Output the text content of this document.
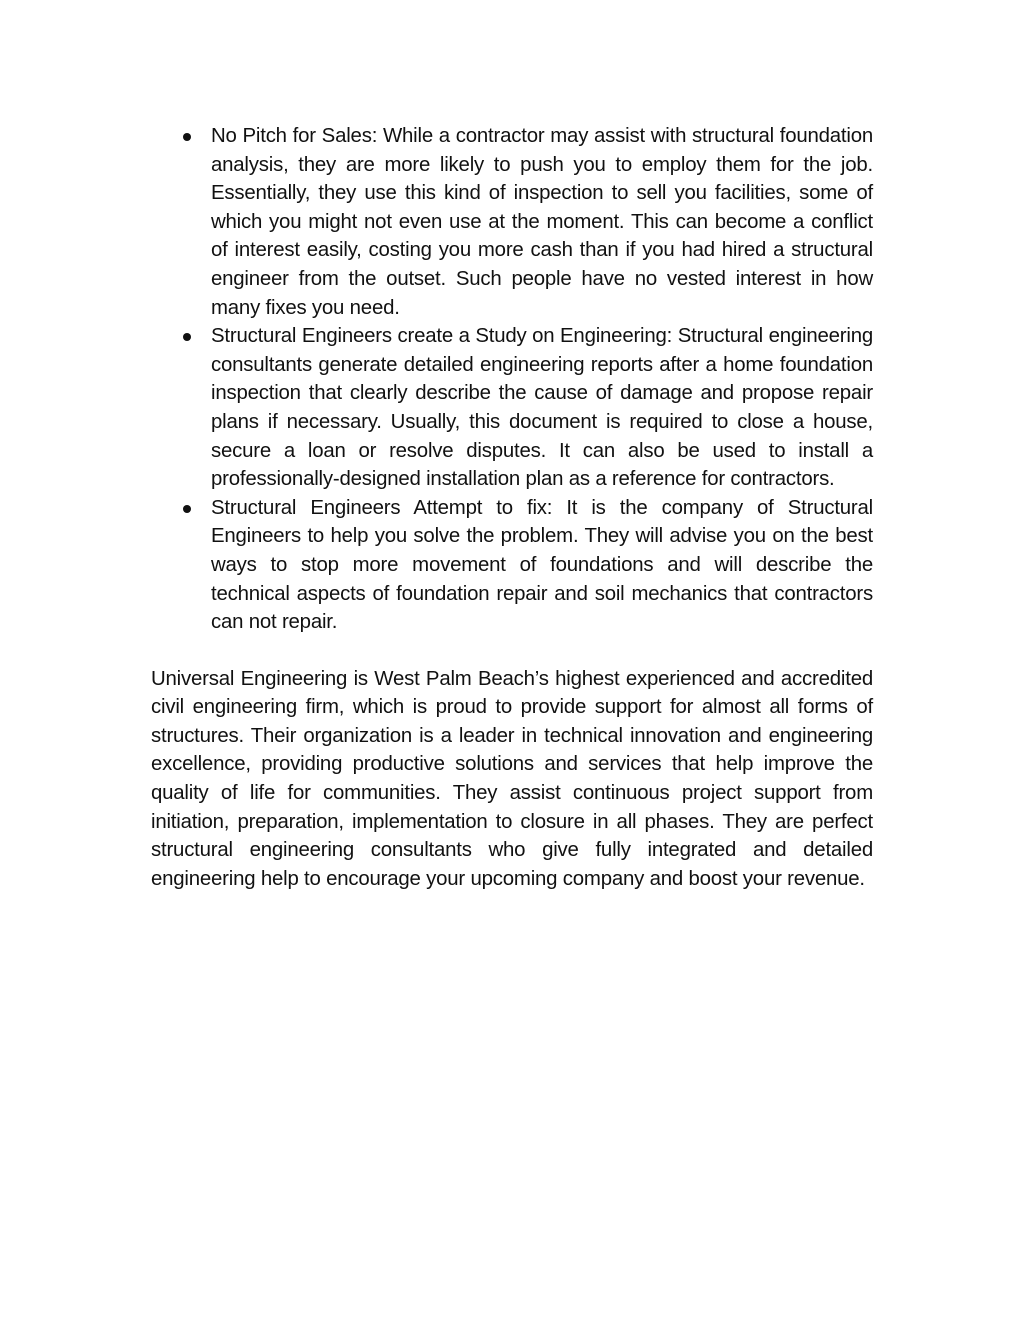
No Pitch for Sales: While a contractor may assist with structural foundation analysis, they are more likely to push you to employ them for the job. Essentially, they use this kind of inspection to sell you facilities, some of which you might not even use at the moment. This can become a conflict of interest easily, costing you more cash than if you had hired a structural engineer from the outset. Such people have no vested interest in how many fixes you need.
Structural Engineers create a Study on Engineering: Structural engineering consultants generate detailed engineering reports after a home foundation inspection that clearly describe the cause of damage and propose repair plans if necessary. Usually, this document is required to close a house, secure a loan or resolve disputes. It can also be used to install a professionally-designed installation plan as a reference for contractors.
Structural Engineers Attempt to fix: It is the company of Structural Engineers to help you solve the problem. They will advise you on the best ways to stop more movement of foundations and will describe the technical aspects of foundation repair and soil mechanics that contractors can not repair.

Universal Engineering is West Palm Beach’s highest experienced and accredited civil engineering firm, which is proud to provide support for almost all forms of structures. Their organization is a leader in technical innovation and engineering excellence, providing productive solutions and services that help improve the quality of life for communities. They assist continuous project support from initiation, preparation, implementation to closure in all phases. They are perfect structural engineering consultants who give fully integrated and detailed engineering help to encourage your upcoming company and boost your revenue.
